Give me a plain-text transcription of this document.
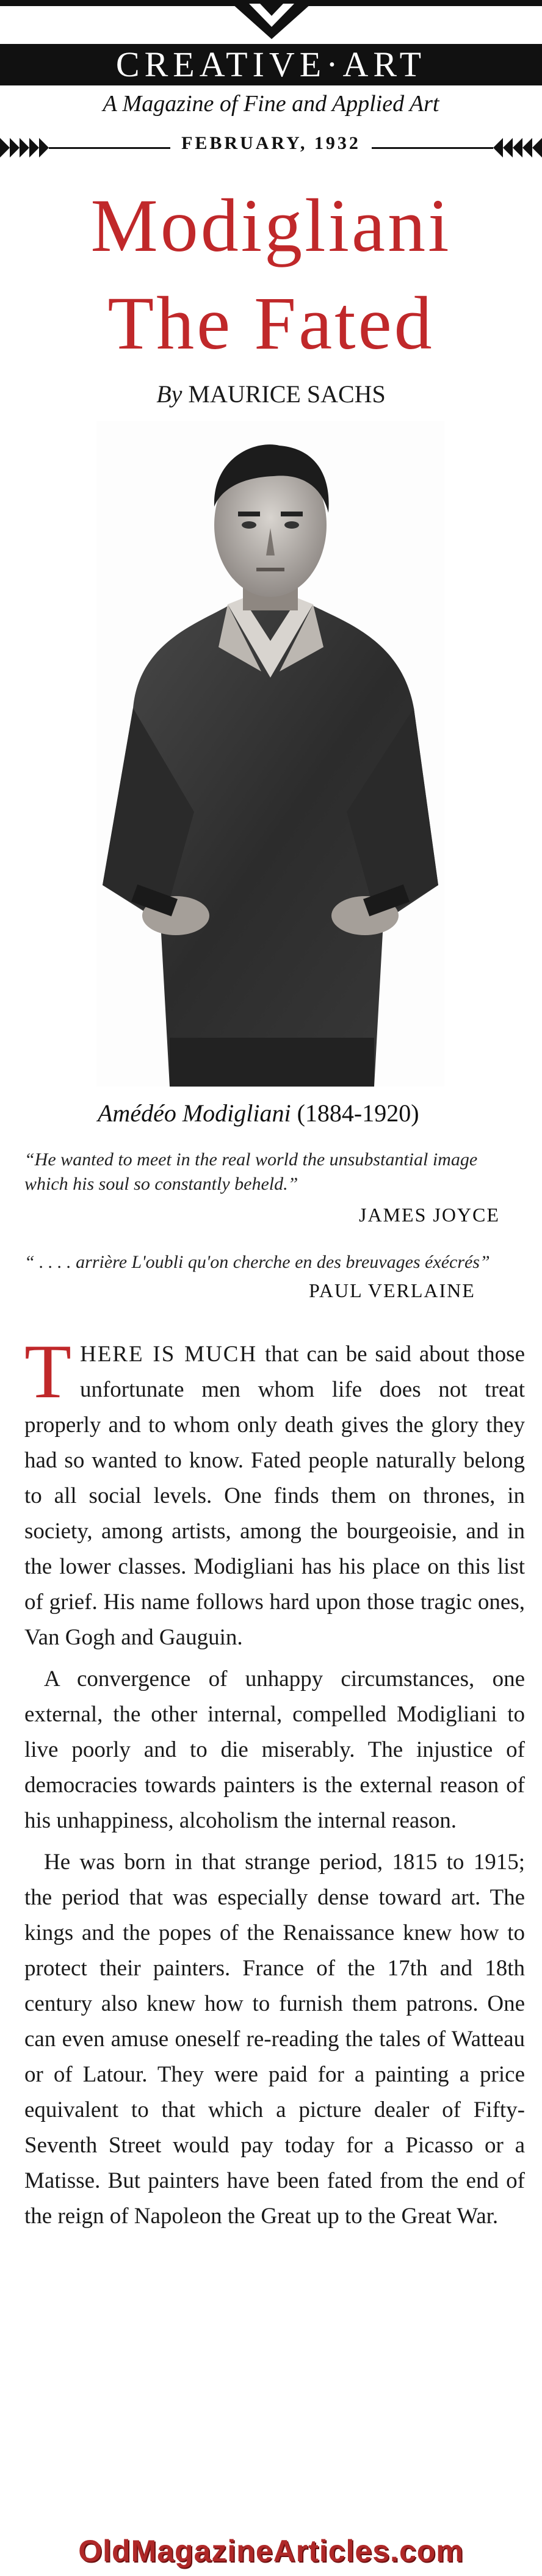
CREATIVE·ART
A Magazine of Fine and Applied Art
FEBRUARY, 1932
Modigliani
The Fated
By MAURICE SACHS
Amédéo Modigliani (1884-1920)
“He wanted to meet in the real world the unsubstantial image which his soul so constantly beheld.”
JAMES JOYCE
“ . . . . arrière L'oubli qu'on cherche en des breuvages éxécrés”
PAUL VERLAINE

THERE IS MUCH that can be said about those unfortunate men whom life does not treat properly and to whom only death gives the glory they had so wanted to know. Fated people naturally belong to all social levels. One finds them on thrones, in society, among artists, among the bourgeoisie, and in the lower classes. Modigliani has his place on this list of grief. His name follows hard upon those tragic ones, Van Gogh and Gauguin.

A convergence of unhappy circumstances, one external, the other internal, compelled Modigliani to live poorly and to die miserably. The injustice of democracies towards painters is the external reason of his unhappiness, alcoholism the internal reason.

He was born in that strange period, 1815 to 1915; the period that was especially dense toward art. The kings and the popes of the Renaissance knew how to protect their painters. France of the 17th and 18th century also knew how to furnish them patrons. One can even amuse oneself re-reading the tales of Watteau or of Latour. They were paid for a painting a price equivalent to that which a picture dealer of Fifty-Seventh Street would pay today for a Picasso or a Matisse. But painters have been fated from the end of the reign of Napoleon the Great up to the Great War.

OldMagazineArticles.com
